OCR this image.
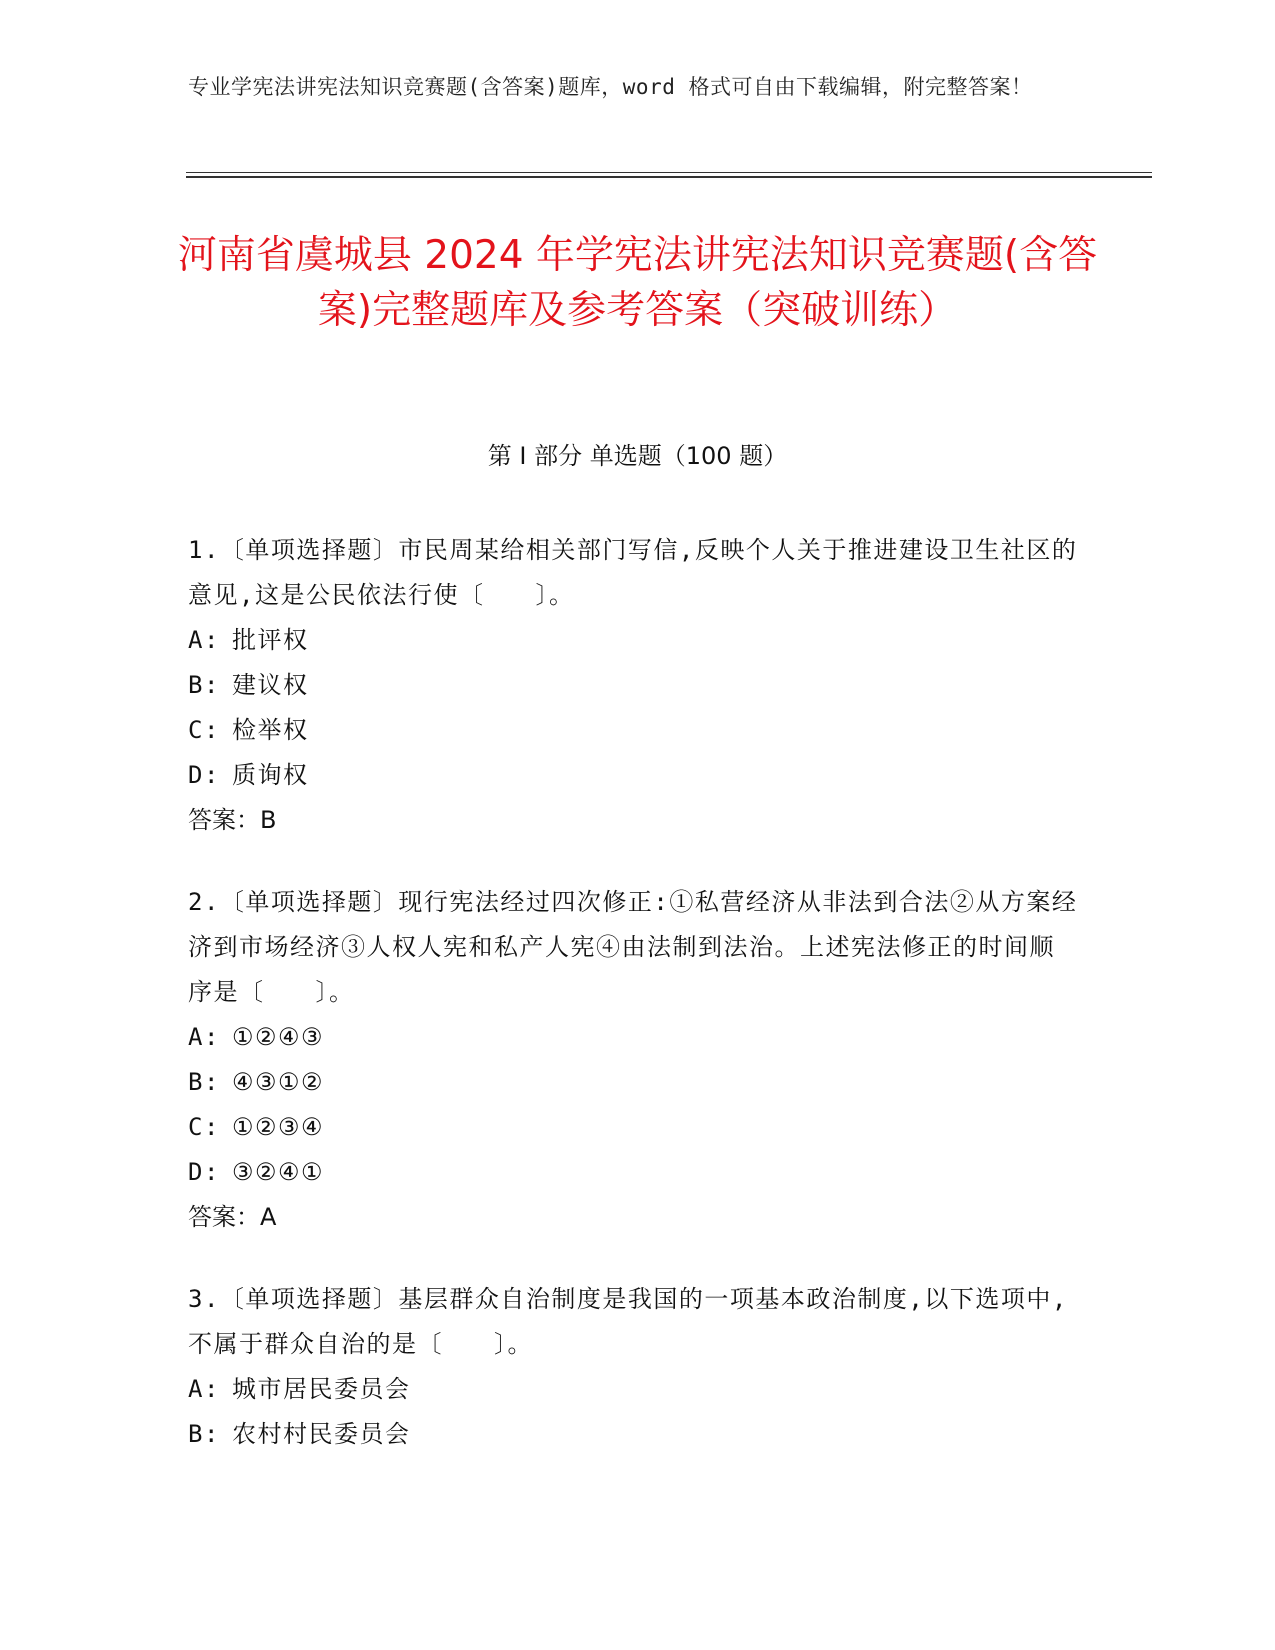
专业学宪法讲宪法知识竞赛题(含答案)题库，word 格式可自由下载编辑，附完整答案！
河南省虞城县 2024 年学宪法讲宪法知识竞赛题(含答案)完整题库及参考答案（突破训练）
第 I 部分 单选题（100 题）
1.〔单项选择题〕市民周某给相关部门写信,反映个人关于推进建设卫生社区的意见,这是公民依法行使〔　　〕。
A: 批评权
B: 建议权
C: 检举权
D: 质询权
答案：B
2.〔单项选择题〕现行宪法经过四次修正:①私营经济从非法到合法②从方案经济到市场经济③人权人宪和私产人宪④由法制到法治。上述宪法修正的时间顺序是〔　　〕。
A: ①②④③
B: ④③①②
C: ①②③④
D: ③②④①
答案：A
3.〔单项选择题〕基层群众自治制度是我国的一项基本政治制度,以下选项中,不属于群众自治的是〔　　〕。
A: 城市居民委员会
B: 农村村民委员会
